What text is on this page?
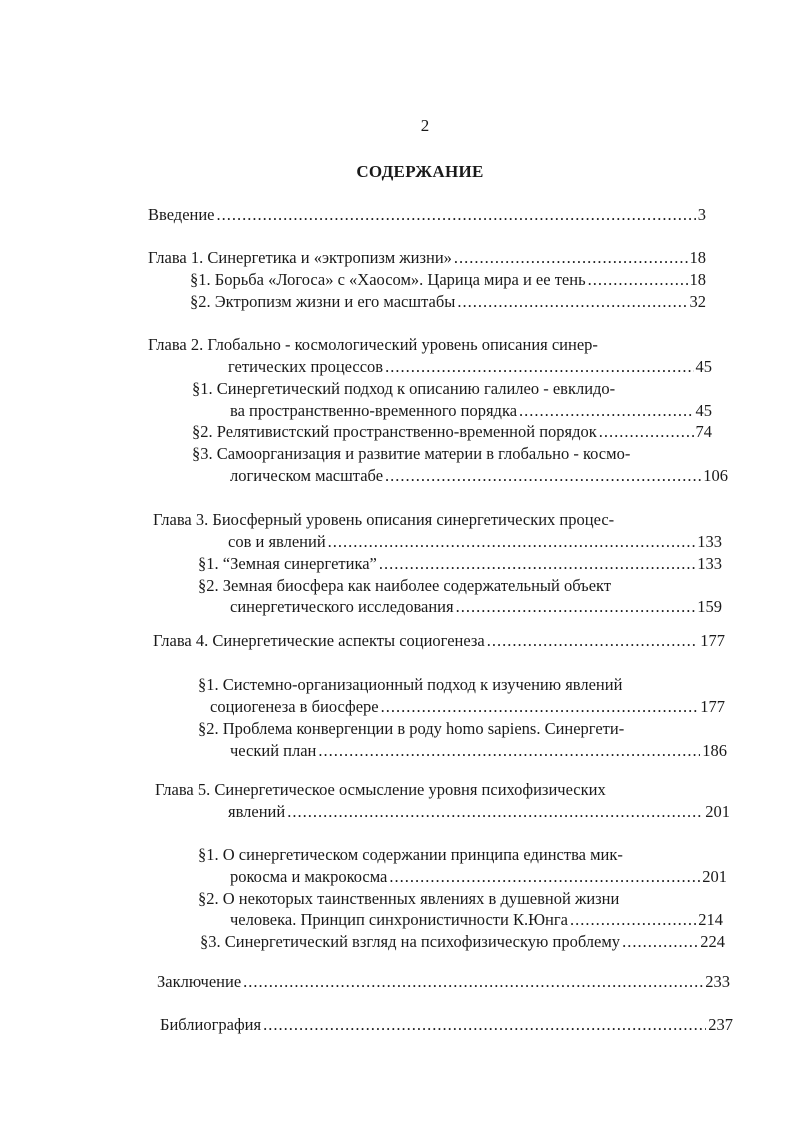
2
СОДЕРЖАНИЕ
Введение .....	3
Глава 1. Синергетика и «эктропизм жизни» .....	18
§1. Борьба «Логоса» с «Хаосом». Царица мира и ее тень .....	18
§2. Эктропизм жизни и его масштабы .....	32
Глава 2. Глобально - космологический уровень описания синер-
гетических процессов .....	45
§1. Синергетический подход к описанию галилео - евклидо-
ва пространственно-временного порядка .....	45
§2. Релятивистский пространственно-временной порядок .....	74
§3. Самоорганизация и развитие материи в глобально - космо-
логическом масштабе .....	106
Глава 3. Биосферный уровень описания синергетических процес-
сов и явлений .....	133
§1. “Земная синергетика” .....	133
§2. Земная биосфера как наиболее содержательный объект
синергетического исследования .....	159
Глава 4. Синергетические аспекты социогенеза .....	177
§1. Системно-организационный подход к изучению явлений
социогенеза в биосфере .....	177
§2. Проблема конвергенции в роду homo sapiens. Синергети-
ческий план .....	186
Глава 5. Синергетическое осмысление уровня психофизических
явлений .....	201
§1. О синергетическом содержании принципа единства мик-
рокосма и макрокосма .....	201
§2. О некоторых таинственных явлениях в душевной жизни
человека. Принцип синхронистичности К.Юнга .....	214
§3. Синергетический взгляд на психофизическую проблему .....	224
Заключение .....	233
Библиография .....	237
